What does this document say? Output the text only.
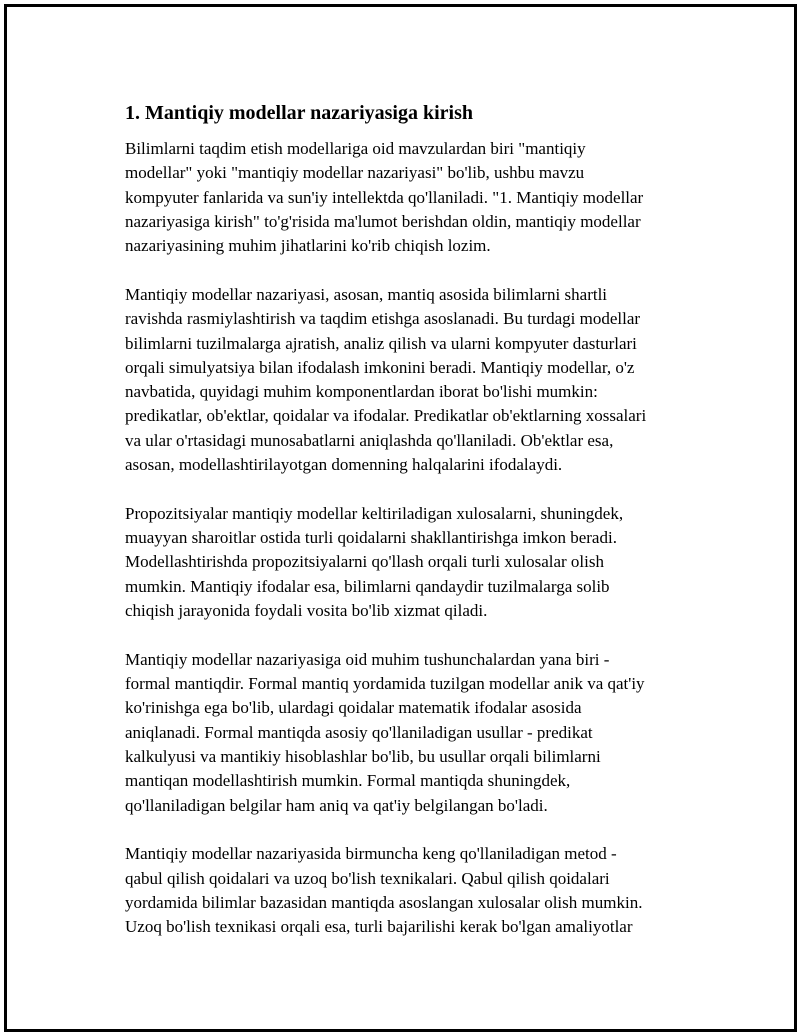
1. Mantiqiy modellar nazariyasiga kirish

Bilimlarni taqdim etish modellariga oid mavzulardan biri "mantiqiy
modellar" yoki "mantiqiy modellar nazariyasi" bo'lib, ushbu mavzu
kompyuter fanlarida va sun'iy intellektda qo'llaniladi. "1. Mantiqiy modellar
nazariyasiga kirish" to'g'risida ma'lumot berishdan oldin, mantiqiy modellar
nazariyasining muhim jihatlarini ko'rib chiqish lozim.

Mantiqiy modellar nazariyasi, asosan, mantiq asosida bilimlarni shartli
ravishda rasmiylashtirish va taqdim etishga asoslanadi. Bu turdagi modellar
bilimlarni tuzilmalarga ajratish, analiz qilish va ularni kompyuter dasturlari
orqali simulyatsiya bilan ifodalash imkonini beradi. Mantiqiy modellar, o'z
navbatida, quyidagi muhim komponentlardan iborat bo'lishi mumkin:
predikatlar, ob'ektlar, qoidalar va ifodalar. Predikatlar ob'ektlarning xossalari
va ular o'rtasidagi munosabatlarni aniqlashda qo'llaniladi. Ob'ektlar esa,
asosan, modellashtirilayotgan domenning halqalarini ifodalaydi.

Propozitsiyalar mantiqiy modellar keltiriladigan xulosalarni, shuningdek,
muayyan sharoitlar ostida turli qoidalarni shakllantirishga imkon beradi.
Modellashtirishda propozitsiyalarni qo'llash orqali turli xulosalar olish
mumkin. Mantiqiy ifodalar esa, bilimlarni qandaydir tuzilmalarga solib
chiqish jarayonida foydali vosita bo'lib xizmat qiladi.

Mantiqiy modellar nazariyasiga oid muhim tushunchalardan yana biri -
formal mantiqdir. Formal mantiq yordamida tuzilgan modellar anik va qat'iy
ko'rinishga ega bo'lib, ulardagi qoidalar matematik ifodalar asosida
aniqlanadi. Formal mantiqda asosiy qo'llaniladigan usullar - predikat
kalkulyusi va mantikiy hisoblashlar bo'lib, bu usullar orqali bilimlarni
mantiqan modellashtirish mumkin. Formal mantiqda shuningdek,
qo'llaniladigan belgilar ham aniq va qat'iy belgilangan bo'ladi.

Mantiqiy modellar nazariyasida birmuncha keng qo'llaniladigan metod -
qabul qilish qoidalari va uzoq bo'lish texnikalari. Qabul qilish qoidalari
yordamida bilimlar bazasidan mantiqda asoslangan xulosalar olish mumkin.
Uzoq bo'lish texnikasi orqali esa, turli bajarilishi kerak bo'lgan amaliyotlar
